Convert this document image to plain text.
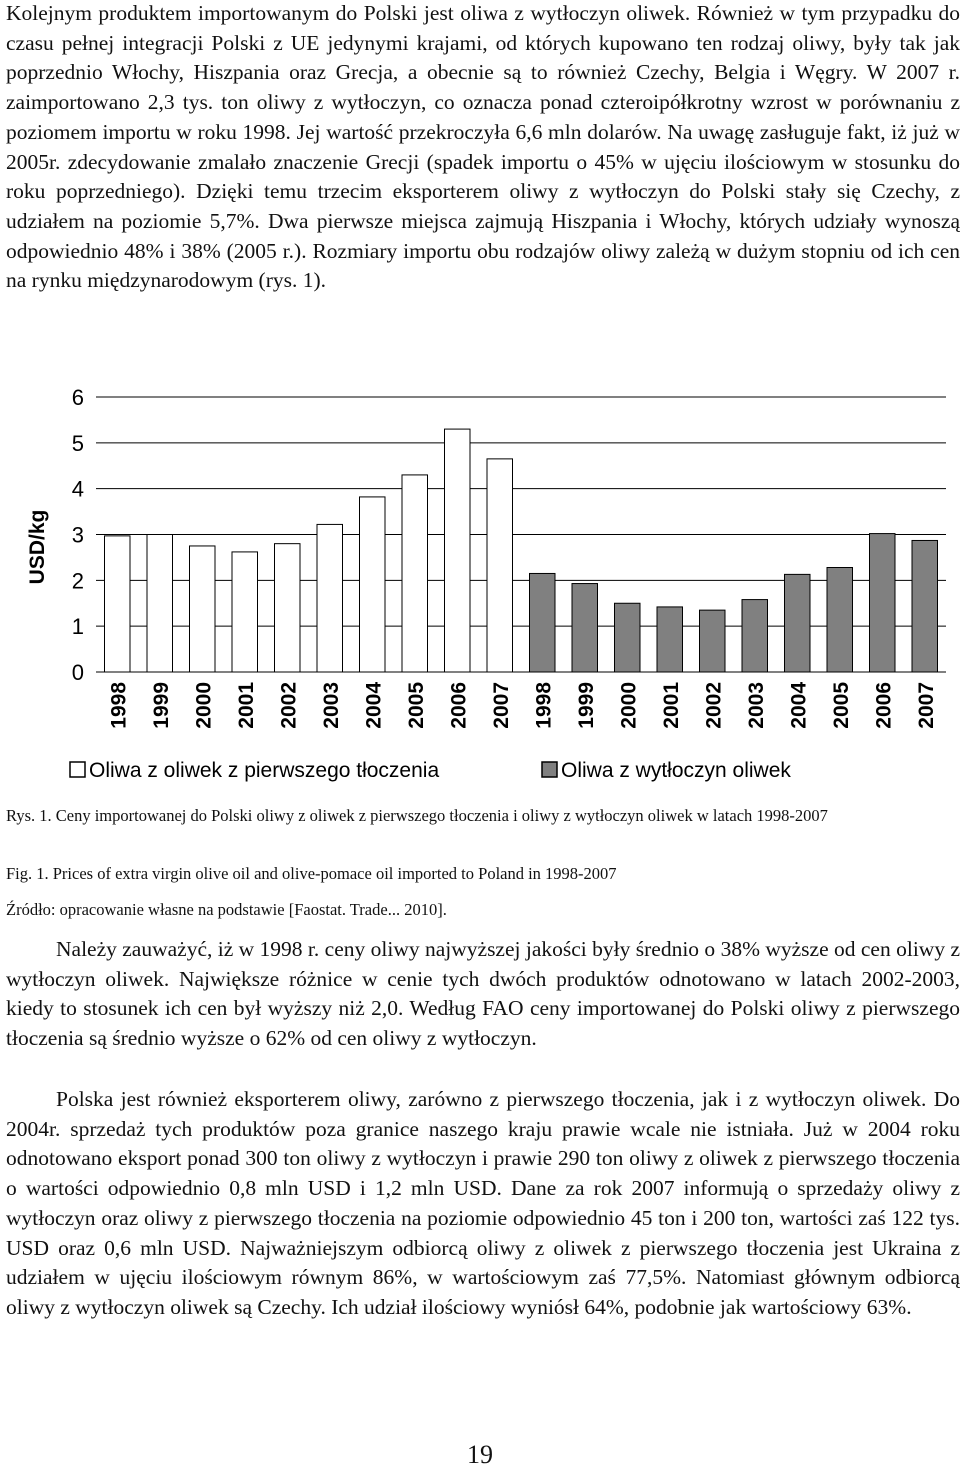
Kolejnym produktem importowanym do Polski jest oliwa z wytłoczyn oliwek. Również w tym przypadku do czasu pełnej integracji Polski z UE jedynymi krajami, od których kupowano ten rodzaj oliwy, były tak jak poprzednio Włochy, Hiszpania oraz Grecja, a obecnie są to również Czechy, Belgia i Węgry. W 2007 r. zaimportowano 2,3 tys. ton oliwy z wytłoczyn, co oznacza ponad czteroipółkrotny wzrost w porównaniu z poziomem importu w roku 1998. Jej wartość przekroczyła 6,6 mln dolarów. Na uwagę zasługuje fakt, iż już w 2005r. zdecydowanie zmalało znaczenie Grecji (spadek importu o 45% w ujęciu ilościowym w stosunku do roku poprzedniego). Dzięki temu trzecim eksporterem oliwy z wytłoczyn do Polski stały się Czechy, z udziałem na poziomie 5,7%. Dwa pierwsze miejsca zajmują Hiszpania i Włochy, których udziały wynoszą odpowiednio 48% i 38% (2005 r.). Rozmiary importu obu rodzajów oliwy zależą w dużym stopniu od ich cen na rynku międzynarodowym (rys. 1).

0
1
2
3
4
5
6
1998 1999 2000 2001 2002 2003 2004 2005 2006 2007 1998 1999 2000 2001 2002 2003 2004 2005 2006 2007
USD/kg
Oliwa z oliwek z pierwszego tłoczenia	Oliwa z wytłoczyn oliwek

Rys. 1. Ceny importowanej do Polski oliwy z oliwek z pierwszego tłoczenia i oliwy z wytłoczyn oliwek w latach 1998-2007

Fig. 1. Prices of extra virgin olive oil and olive-pomace oil imported to Poland in 1998-2007

Źródło: opracowanie własne na podstawie [Faostat. Trade... 2010].

Należy zauważyć, iż w 1998 r. ceny oliwy najwyższej jakości były średnio o 38% wyższe od cen oliwy z wytłoczyn oliwek. Największe różnice w cenie tych dwóch produktów odnotowano w latach 2002-2003, kiedy to stosunek ich cen był wyższy niż 2,0. Według FAO ceny importowanej do Polski oliwy z pierwszego tłoczenia są średnio wyższe o 62% od cen oliwy z wytłoczyn.

Polska jest również eksporterem oliwy, zarówno z pierwszego tłoczenia, jak i z wytłoczyn oliwek. Do 2004r. sprzedaż tych produktów poza granice naszego kraju prawie wcale nie istniała. Już w 2004 roku odnotowano eksport ponad 300 ton oliwy z wytłoczyn i prawie 290 ton oliwy z oliwek z pierwszego tłoczenia o wartości odpowiednio 0,8 mln USD i 1,2 mln USD. Dane za rok 2007 informują o sprzedaży oliwy z wytłoczyn oraz oliwy z pierwszego tłoczenia na poziomie odpowiednio 45 ton i 200 ton, wartości zaś 122 tys. USD oraz 0,6 mln USD. Najważniejszym odbiorcą oliwy z oliwek z pierwszego tłoczenia jest Ukraina z udziałem w ujęciu ilościowym równym 86%, w wartościowym zaś 77,5%. Natomiast głównym odbiorcą oliwy z wytłoczyn oliwek są Czechy. Ich udział ilościowy wyniósł 64%, podobnie jak wartościowy 63%.

19
